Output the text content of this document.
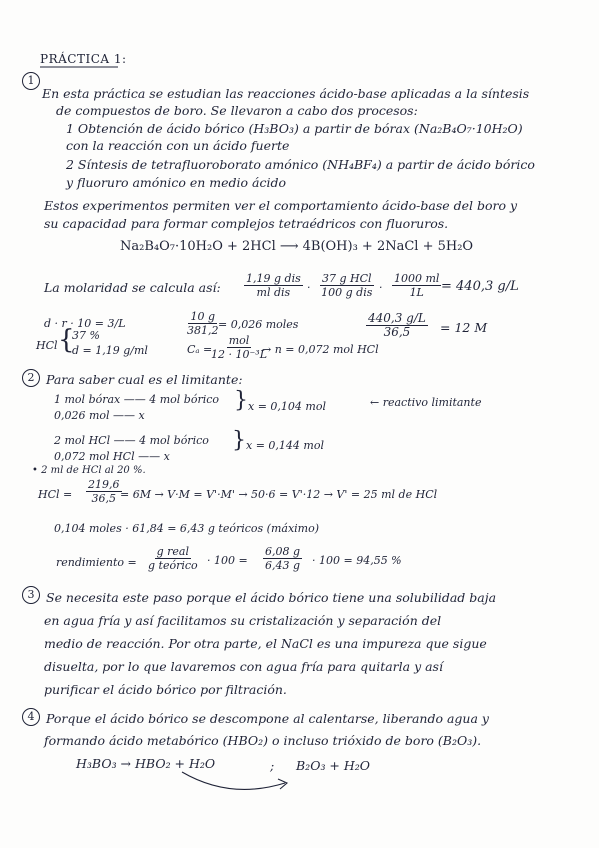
PRÁCTICA 1:
1
En esta práctica se estudian las reacciones ácido-base aplicadas a la síntesis
de compuestos de boro. Se llevaron a cabo dos procesos:
1 Obtención de ácido bórico (H₃BO₃) a partir de bórax (Na₂B₄O₇·10H₂O)
con la reacción con un ácido fuerte
2 Síntesis de tetrafluoroborato amónico (NH₄BF₄) a partir de ácido bórico
y fluoruro amónico en medio ácido
Estos experimentos permiten ver el comportamiento ácido-base del boro y
su capacidad para formar complejos tetraédricos con fluoruros.
Na₂B₄O₇·10H₂O + 2HCl ⟶ 4B(OH)₃ + 2NaCl + 5H₂O
La molaridad se calcula así:
1,19 g dis
ml dis ·
37 g HCl
100 g dis · $\frac{1000 ml}{1L} = 440,3$ g/L
d · r · 10 = 3/L
HCl {
37 %
d = 1,19 g/ml
$\frac{10 g}{381,2} = 0,026$ moles
Cₐ =
mol
12 · 10⁻³L
→ n = 0,072 mol HCl
$\frac{440,3 g/L}{36,5} = 12$ M
2 Para saber cual es el limitante:
1 mol bórax —— 4 mol bórico
0,026 mol —— x
} x = 0,104 mol	← reactivo limitante
2 mol HCl —— 4 mol bórico
0,072 mol HCl —— x
} x = 0,144 mol
• 2 ml de HCl al 20 %.
HCl = $\frac{219,6}{36,5}$
= 6M → V·M = V'·M' → 50·6 = V'·12 → V' = 25 ml de HCl
0,104 moles · 61,84 = 6,43 g teóricos (máximo)
rendimiento =
g real
g teórico · $100 = \frac{6,08 g}{6,43 g} \cdot 100 = 94,55$ %
3 Se necesita este paso porque el ácido bórico tiene una solubilidad baja
en agua fría y así facilitamos su cristalización y separación del
medio de reacción. Por otra parte, el NaCl es una impureza que sigue
disuelta, por lo que lavaremos con agua fría para quitarla y así
purificar el ácido bórico por filtración.
4 Porque el ácido bórico se descompone al calentarse, liberando agua y
formando ácido metabórico (HBO₂) o incluso trióxido de boro (B₂O₃).
H₃BO₃ → HBO₂ + H₂O	; B₂O₃ + H₂O
